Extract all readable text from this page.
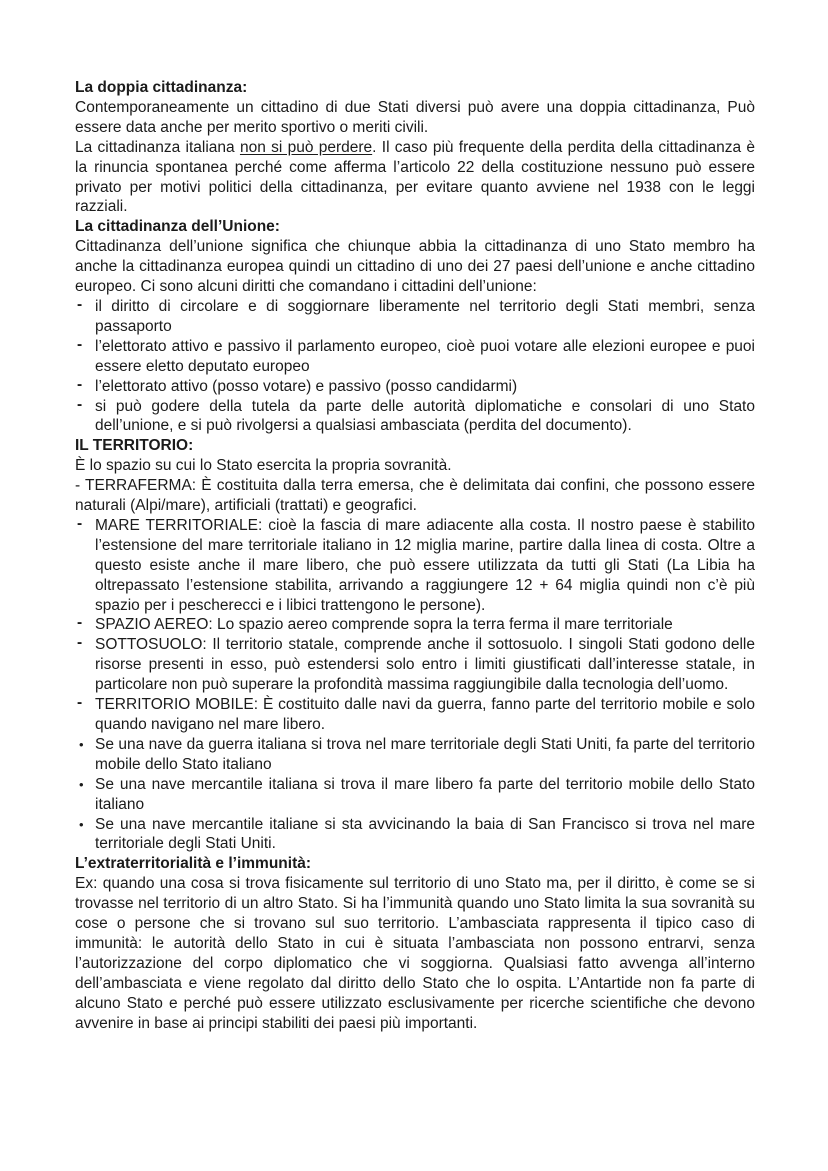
La doppia cittadinanza:

Contemporaneamente un cittadino di due Stati diversi può avere una doppia cittadinanza, Può essere data anche per merito sportivo o meriti civili.

La cittadinanza italiana non si può perdere. Il caso più frequente della perdita della cittadinanza è la rinuncia spontanea perché come afferma l’articolo 22 della costituzione nessuno può essere privato per motivi politici della cittadinanza, per evitare quanto avviene nel 1938 con le leggi razziali.

La cittadinanza dell’Unione:

Cittadinanza dell’unione significa che chiunque abbia la cittadinanza di uno Stato membro ha anche la cittadinanza europea quindi un cittadino di uno dei 27 paesi dell’unione e anche cittadino europeo. Ci sono alcuni diritti che comandano i cittadini dell’unione:

- il diritto di circolare e di soggiornare liberamente nel territorio degli Stati membri, senza passaporto
- l’elettorato attivo e passivo il parlamento europeo, cioè puoi votare alle elezioni europee e puoi essere eletto deputato europeo
- l’elettorato attivo (posso votare) e passivo (posso candidarmi)
- si può godere della tutela da parte delle autorità diplomatiche e consolari di uno Stato dell’unione, e si può rivolgersi a qualsiasi ambasciata (perdita del documento).
IL TERRITORIO:

È lo spazio su cui lo Stato esercita la propria sovranità.

- TERRAFERMA: È costituita dalla terra emersa, che è delimitata dai confini, che possono essere naturali (Alpi/mare), artificiali (trattati) e geografici.

- MARE TERRITORIALE: cioè la fascia di mare adiacente alla costa. Il nostro paese è stabilito l’estensione del mare territoriale italiano in 12 miglia marine, partire dalla linea di costa. Oltre a questo esiste anche il mare libero, che può essere utilizzata da tutti gli Stati (La Libia ha oltrepassato l’estensione stabilita, arrivando a raggiungere 12 + 64 miglia quindi non c’è più spazio per i pescherecci e i libici trattengono le persone).
- SPAZIO AEREO: Lo spazio aereo comprende sopra la terra ferma il mare territoriale
- SOTTOSUOLO: Il territorio statale, comprende anche il sottosuolo. I singoli Stati godono delle risorse presenti in esso, può estendersi solo entro i limiti giustificati dall’interesse statale, in particolare non può superare la profondità massima raggiungibile dalla tecnologia dell’uomo.
- TERRITORIO MOBILE: È costituito dalle navi da guerra, fanno parte del territorio mobile e solo quando navigano nel mare libero.
• Se una nave da guerra italiana si trova nel mare territoriale degli Stati Uniti, fa parte del territorio mobile dello Stato italiano
• Se una nave mercantile italiana si trova il mare libero fa parte del territorio mobile dello Stato italiano
• Se una nave mercantile italiane si sta avvicinando la baia di San Francisco si trova nel mare territoriale degli Stati Uniti.
L’extraterritorialità e l’immunità:

Ex: quando una cosa si trova fisicamente sul territorio di uno Stato ma, per il diritto, è come se si trovasse nel territorio di un altro Stato. Si ha l’immunità quando uno Stato limita la sua sovranità su cose o persone che si trovano sul suo territorio. L’ambasciata rappresenta il tipico caso di immunità: le autorità dello Stato in cui è situata l’ambasciata non possono entrarvi, senza l’autorizzazione del corpo diplomatico che vi soggiorna. Qualsiasi fatto avvenga all’interno dell’ambasciata e viene regolato dal diritto dello Stato che lo ospita. L’Antartide non fa parte di alcuno Stato e perché può essere utilizzato esclusivamente per ricerche scientifiche che devono avvenire in base ai principi stabiliti dei paesi più importanti.
